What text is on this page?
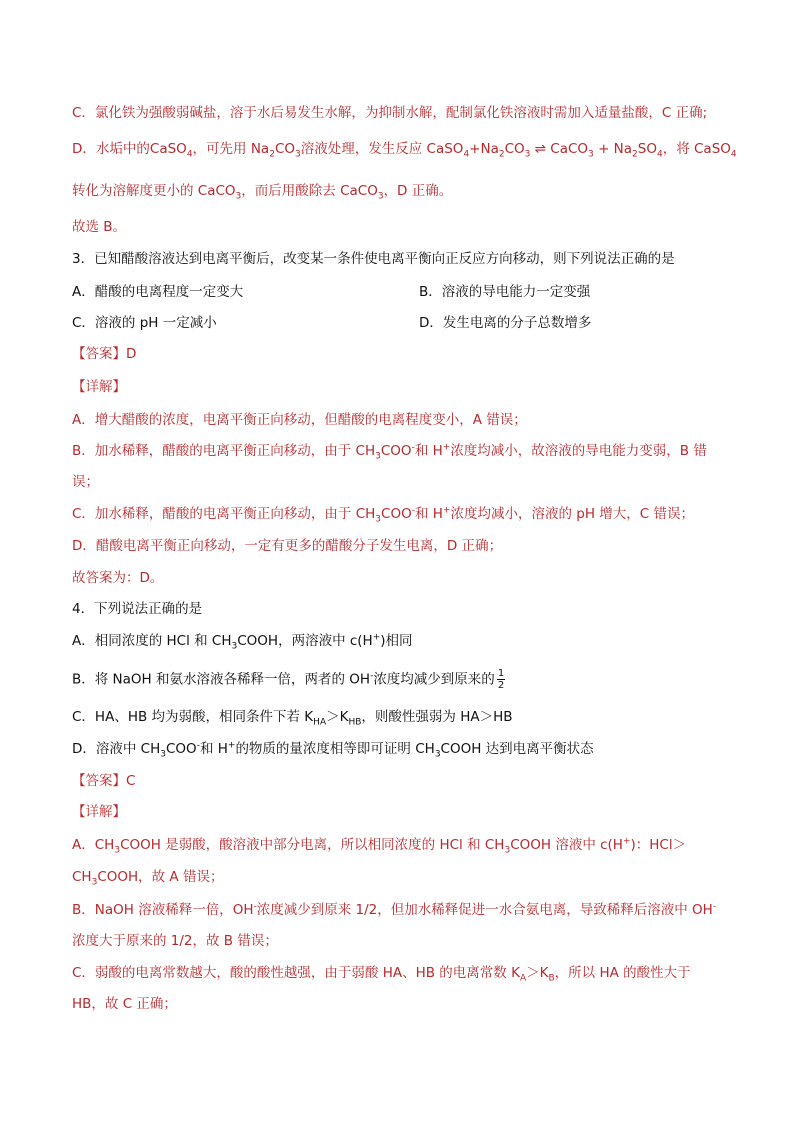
C．氯化铁为强酸弱碱盐，溶于水后易发生水解，为抑制水解，配制氯化铁溶液时需加入适量盐酸，C 正确;
D．水垢中的CaSO$_4$，可先用 $Na_2CO_3$溶液处理，发生反应 $CaSO_4+Na_2CO_3$ ⇌ CaCO$_3$ + $Na_2SO_4$，将 CaSO$_4$
转化为溶解度更小的 CaCO$_3$，而后用酸除去 CaCO$_3$，D 正确。
故选 B。
3．已知醋酸溶液达到电离平衡后，改变某一条件使电离平衡向正反应方向移动，则下列说法正确的是
A．醋酸的电离程度一定变大	B．溶液的导电能力一定变强
C．溶液的 pH 一定减小	D．发生电离的分子总数增多
【答案】D
【详解】
A．增大醋酸的浓度，电离平衡正向移动，但醋酸的电离程度变小，A 错误；
B．加水稀释，醋酸的电离平衡正向移动，由于 $CH_3COO^-$和 H+浓度均减小，故溶液的导电能力变弱，B 错
误；
C．加水稀释，醋酸的电离平衡正向移动，由于 $CH_3COO^-$和 H+浓度均减小，溶液的 pH 增大，C 错误；
D．醋酸电离平衡正向移动，一定有更多的醋酸分子发生电离，D 正确；
故答案为：D。
4．下列说法正确的是
A．相同浓度的 HCl 和 $CH_3COOH$，两溶液中 c(H+)相同
B．将 NaOH 和氨水溶液各稀释一倍，两者的 OH-浓度均减少到原来的 $\frac{1}{2}$
C．HA、HB 均为弱酸，相同条件下若 $K_{HA}>K_{HB}$，则酸性强弱为 HA＞HB
D．溶液中 $CH_3COO^-$和 H+的物质的量浓度相等即可证明 $CH_3COOH$ 达到电离平衡状态
【答案】C
【详解】
A．$CH_3COOH$ 是弱酸，酸溶液中部分电离，所以相同浓度的 HCl 和 $CH_3COOH$ 溶液中 c(H+)：HCl＞
$CH_3COOH$，故 A 错误；
B．NaOH 溶液稀释一倍，OH-浓度减少到原来 1/2，但加水稀释促进一水合氨电离，导致稀释后溶液中 OH-
浓度大于原来的 1/2，故 B 错误；
C．弱酸的电离常数越大，酸的酸性越强，由于弱酸 HA、HB 的电离常数 $K_A>K_B$，所以 HA 的酸性大于
HB，故 C 正确；
